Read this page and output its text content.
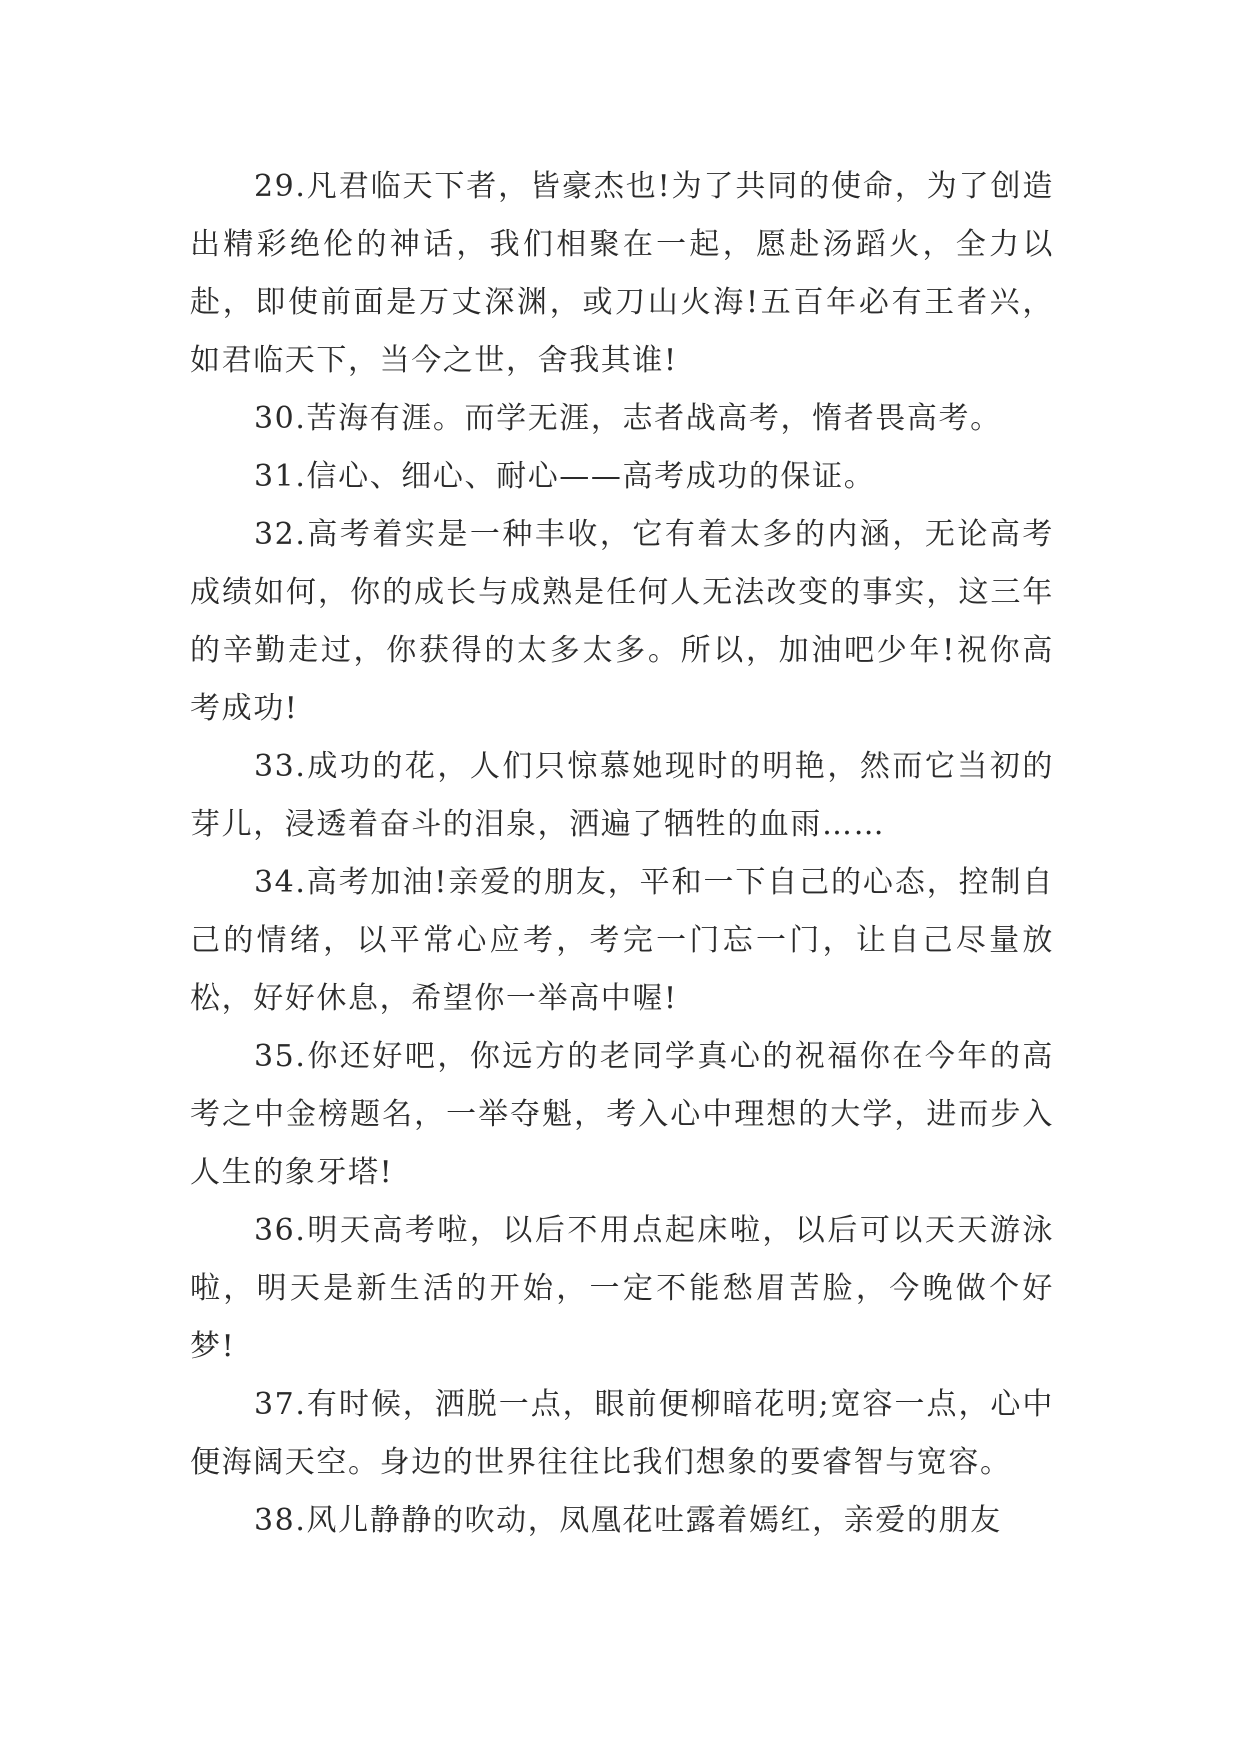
29.凡君临天下者，皆豪杰也!为了共同的使命，为了创造出精彩绝伦的神话，我们相聚在一起，愿赴汤蹈火，全力以赴，即使前面是万丈深渊，或刀山火海!五百年必有王者兴，如君临天下，当今之世，舍我其谁!

30.苦海有涯。而学无涯，志者战高考，惰者畏高考。

31.信心、细心、耐心——高考成功的保证。

32.高考着实是一种丰收，它有着太多的内涵，无论高考成绩如何，你的成长与成熟是任何人无法改变的事实，这三年的辛勤走过，你获得的太多太多。所以，加油吧少年!祝你高考成功!

33.成功的花，人们只惊慕她现时的明艳，然而它当初的芽儿，浸透着奋斗的泪泉，洒遍了牺牲的血雨……

34.高考加油!亲爱的朋友，平和一下自己的心态，控制自己的情绪，以平常心应考，考完一门忘一门，让自己尽量放松，好好休息，希望你一举高中喔!

35.你还好吧，你远方的老同学真心的祝福你在今年的高考之中金榜题名，一举夺魁，考入心中理想的大学，进而步入人生的象牙塔!

36.明天高考啦，以后不用点起床啦，以后可以天天游泳啦，明天是新生活的开始，一定不能愁眉苦脸，今晚做个好梦!

37.有时候，洒脱一点，眼前便柳暗花明;宽容一点，心中便海阔天空。身边的世界往往比我们想象的要睿智与宽容。

38.风儿静静的吹动，凤凰花吐露着嫣红，亲爱的朋友
